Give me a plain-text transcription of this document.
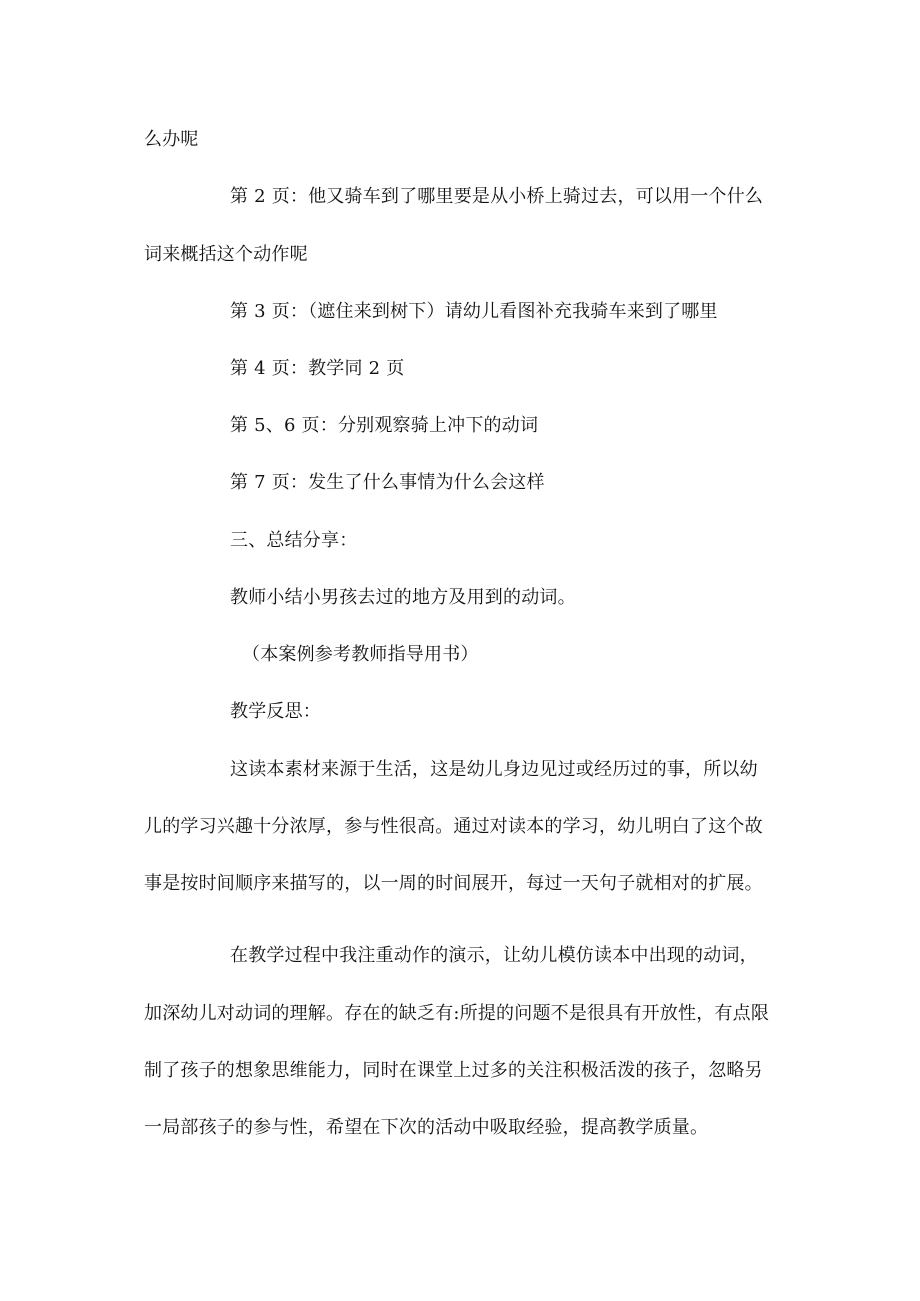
么办呢
第 2 页：他又骑车到了哪里要是从小桥上骑过去，可以用一个什么
词来概括这个动作呢
第 3 页：（遮住来到树下）请幼儿看图补充我骑车来到了哪里
第 4 页：教学同 2 页
第 5、6 页：分别观察骑上冲下的动词
第 7 页：发生了什么事情为什么会这样
三、总结分享：
教师小结小男孩去过的地方及用到的动词。
（本案例参考教师指导用书）
教学反思：
这读本素材来源于生活，这是幼儿身边见过或经历过的事，所以幼
儿的学习兴趣十分浓厚，参与性很高。通过对读本的学习，幼儿明白了这个故
事是按时间顺序来描写的，以一周的时间展开，每过一天句子就相对的扩展。
在教学过程中我注重动作的演示，让幼儿模仿读本中出现的动词，
加深幼儿对动词的理解。存在的缺乏有:所提的问题不是很具有开放性，有点限
制了孩子的想象思维能力，同时在课堂上过多的关注积极活泼的孩子，忽略另
一局部孩子的参与性，希望在下次的活动中吸取经验，提高教学质量。
